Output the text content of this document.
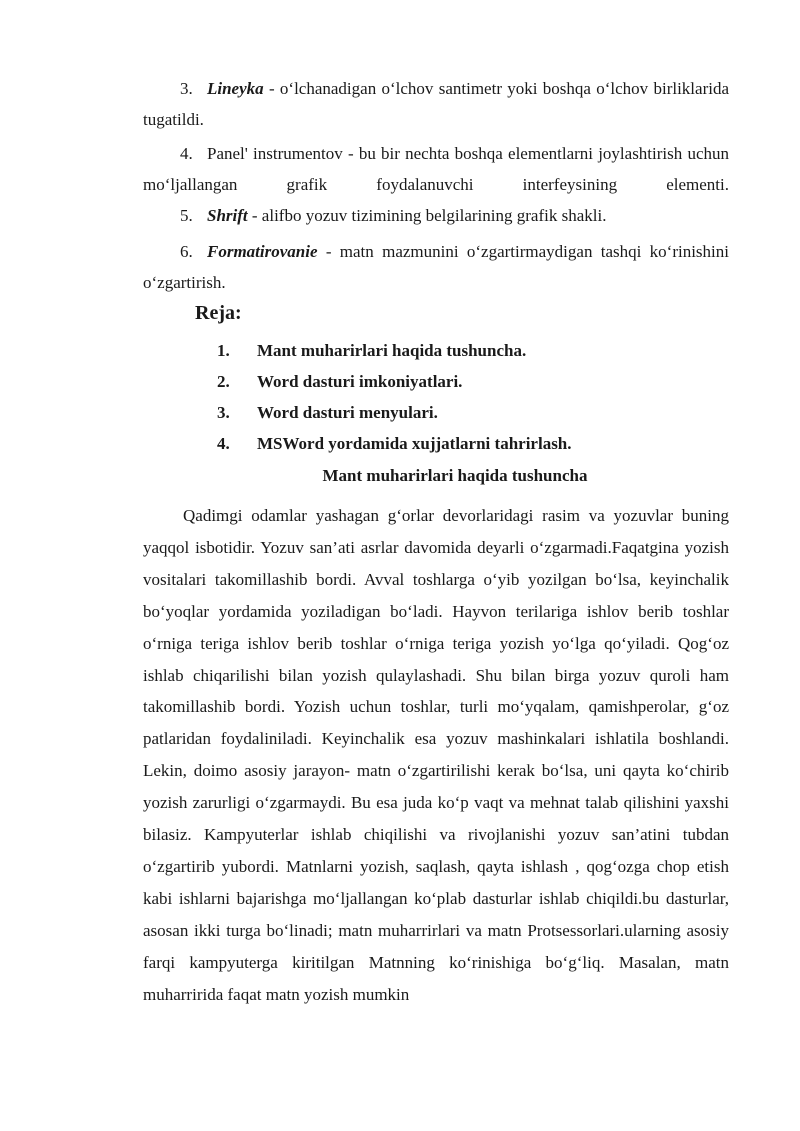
3. Lineyka - o‘lchanadigan o‘lchov santimetr yoki boshqa o‘lchov birliklarida tugatildi.

4. Panel' instrumentov - bu bir nechta boshqa elementlarni joylashtirish uchun mo‘ljallangan grafik foydalanuvchi interfeysining elementi.

5. Shrift - alifbo yozuv tizimining belgilarining grafik shakli.

6. Formatirovanie - matn mazmunini o‘zgartirmaydigan tashqi ko‘rinishini o‘zgartirish.

Reja:

1. Mant muharirlari haqida tushuncha.
2. Word dasturi imkoniyatlari.
3. Word dasturi menyulari.
4. MSWord yordamida xujjatlarni tahrirlash.

Mant muharirlari haqida tushuncha

Qadimgi odamlar yashagan g‘orlar devorlaridagi rasim va yozuvlar buning yaqqol isbotidir. Yozuv san’ati asrlar davomida deyarli o‘zgarmadi.Faqatgina yozish vositalari takomillashib bordi. Avval toshlarga o‘yib yozilgan bo‘lsa, keyinchalik bo‘yoqlar yordamida yoziladigan bo‘ladi. Hayvon terilariga ishlov berib toshlar o‘rniga teriga ishlov berib toshlar o‘rniga teriga yozish yo‘lga qo‘yiladi. Qog‘oz ishlab chiqarilishi bilan yozish qulaylashadi. Shu bilan birga yozuv quroli ham takomillashib bordi. Yozish uchun toshlar, turli mo‘yqalam, qamishperolar, g‘oz patlaridan foydaliniladi. Keyinchalik esa yozuv mashinkalari ishlatila boshlandi. Lekin, doimo asosiy jarayon- matn o‘zgartirilishi kerak bo‘lsa, uni qayta ko‘chirib yozish zarurligi o‘zgarmaydi. Bu esa juda ko‘p vaqt va mehnat talab qilishini yaxshi bilasiz. Kampyuterlar ishlab chiqilishi va rivojlanishi yozuv san’atini tubdan o‘zgartirib yubordi. Matnlarni yozish, saqlash, qayta ishlash , qog‘ozga chop etish kabi ishlarni bajarishga mo‘ljallangan ko‘plab dasturlar ishlab chiqildi.bu dasturlar, asosan ikki turga bo‘linadi; matn muharrirlari va matn Protsessorlari.ularning asosiy farqi kampyuterga kiritilgan Matnning ko‘rinishiga bo‘g‘liq. Masalan, matn muharririda faqat matn yozish mumkin
